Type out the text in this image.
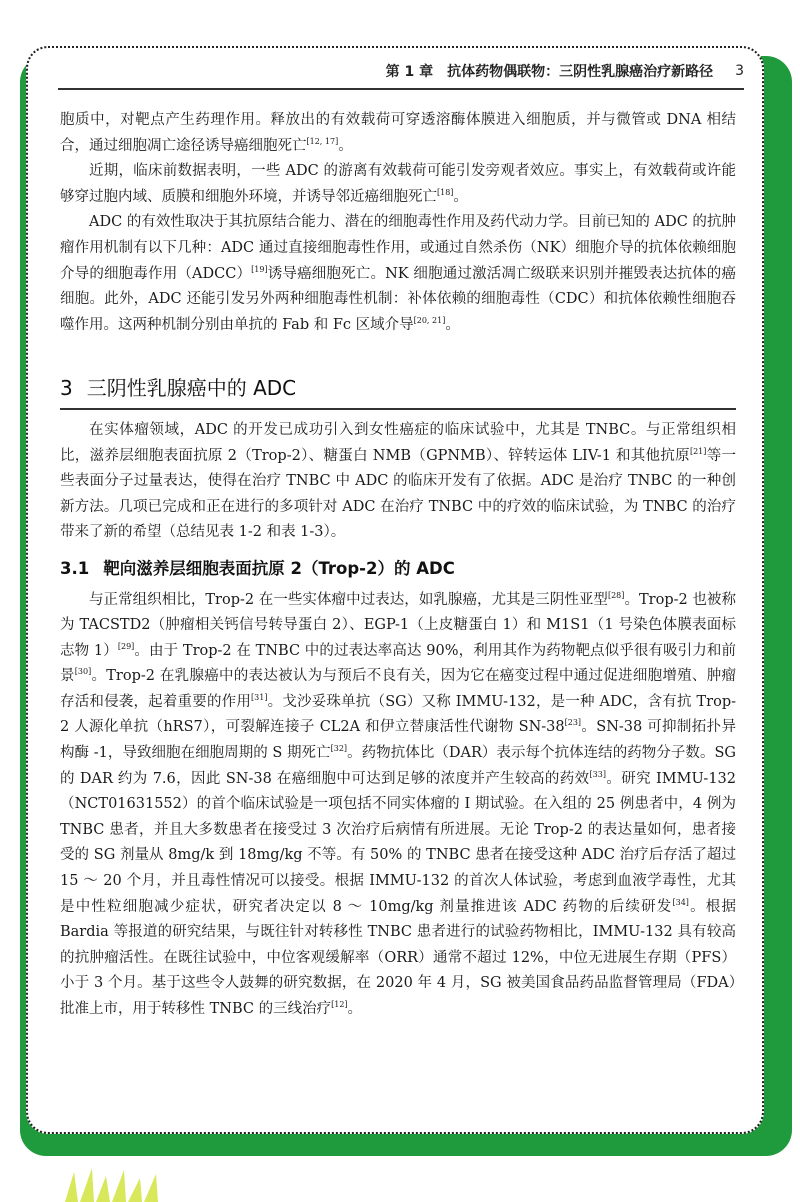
第 1 章 抗体药物偶联物：三阴性乳腺癌治疗新路径 3

胞质中，对靶点产生药理作用。释放出的有效载荷可穿透溶酶体膜进入细胞质，并与微管或 DNA 相结合，通过细胞凋亡途径诱导癌细胞死亡[12, 17]。

近期，临床前数据表明，一些 ADC 的游离有效载荷可能引发旁观者效应。事实上，有效载荷或许能够穿过胞内域、质膜和细胞外环境，并诱导邻近癌细胞死亡[18]。

ADC 的有效性取决于其抗原结合能力、潜在的细胞毒性作用及药代动力学。目前已知的 ADC 的抗肿瘤作用机制有以下几种：ADC 通过直接细胞毒性作用，或通过自然杀伤（NK）细胞介导的抗体依赖细胞介导的细胞毒作用（ADCC）[19]诱导癌细胞死亡。NK 细胞通过激活凋亡级联来识别并摧毁表达抗体的癌细胞。此外，ADC 还能引发另外两种细胞毒性机制：补体依赖的细胞毒性（CDC）和抗体依赖性细胞吞噬作用。这两种机制分别由单抗的 Fab 和 Fc 区域介导[20, 21]。

3 三阴性乳腺癌中的 ADC

在实体瘤领域，ADC 的开发已成功引入到女性癌症的临床试验中，尤其是 TNBC。与正常组织相比，滋养层细胞表面抗原 2（Trop-2）、糖蛋白 NMB（GPNMB）、锌转运体 LIV-1 和其他抗原[21]等一些表面分子过量表达，使得在治疗 TNBC 中 ADC 的临床开发有了依据。ADC 是治疗 TNBC 的一种创新方法。几项已完成和正在进行的多项针对 ADC 在治疗 TNBC 中的疗效的临床试验，为 TNBC 的治疗带来了新的希望（总结见表 1-2 和表 1-3）。

3.1 靶向滋养层细胞表面抗原 2（Trop-2）的 ADC

与正常组织相比，Trop-2 在一些实体瘤中过表达，如乳腺癌，尤其是三阴性亚型[28]。Trop-2 也被称为 TACSTD2（肿瘤相关钙信号转导蛋白 2）、EGP-1（上皮糖蛋白 1）和 M1S1（1 号染色体膜表面标志物 1）[29]。由于 Trop-2 在 TNBC 中的过表达率高达 90%，利用其作为药物靶点似乎很有吸引力和前景[30]。Trop-2 在乳腺癌中的表达被认为与预后不良有关，因为它在癌变过程中通过促进细胞增殖、肿瘤存活和侵袭，起着重要的作用[31]。戈沙妥珠单抗（SG）又称 IMMU-132，是一种 ADC，含有抗 Trop-2 人源化单抗（hRS7），可裂解连接子 CL2A 和伊立替康活性代谢物 SN-38[23]。SN-38 可抑制拓扑异构酶 -1，导致细胞在细胞周期的 S 期死亡[32]。药物抗体比（DAR）表示每个抗体连结的药物分子数。SG 的 DAR 约为 7.6，因此 SN-38 在癌细胞中可达到足够的浓度并产生较高的药效[33]。研究 IMMU-132（NCT01631552）的首个临床试验是一项包括不同实体瘤的 I 期试验。在入组的 25 例患者中，4 例为 TNBC 患者，并且大多数患者在接受过 3 次治疗后病情有所进展。无论 Trop-2 的表达量如何，患者接受的 SG 剂量从 8mg/k 到 18mg/kg 不等。有 50% 的 TNBC 患者在接受这种 ADC 治疗后存活了超过 15 ～ 20 个月，并且毒性情况可以接受。根据 IMMU-132 的首次人体试验，考虑到血液学毒性，尤其是中性粒细胞减少症状，研究者决定以 8 ～ 10mg/kg 剂量推进该 ADC 药物的后续研发[34]。根据 Bardia 等报道的研究结果，与既往针对转移性 TNBC 患者进行的试验药物相比，IMMU-132 具有较高的抗肿瘤活性。在既往试验中，中位客观缓解率（ORR）通常不超过 12%，中位无进展生存期（PFS）小于 3 个月。基于这些令人鼓舞的研究数据，在 2020 年 4 月，SG 被美国食品药品监督管理局（FDA）批准上市，用于转移性 TNBC 的三线治疗[12]。
